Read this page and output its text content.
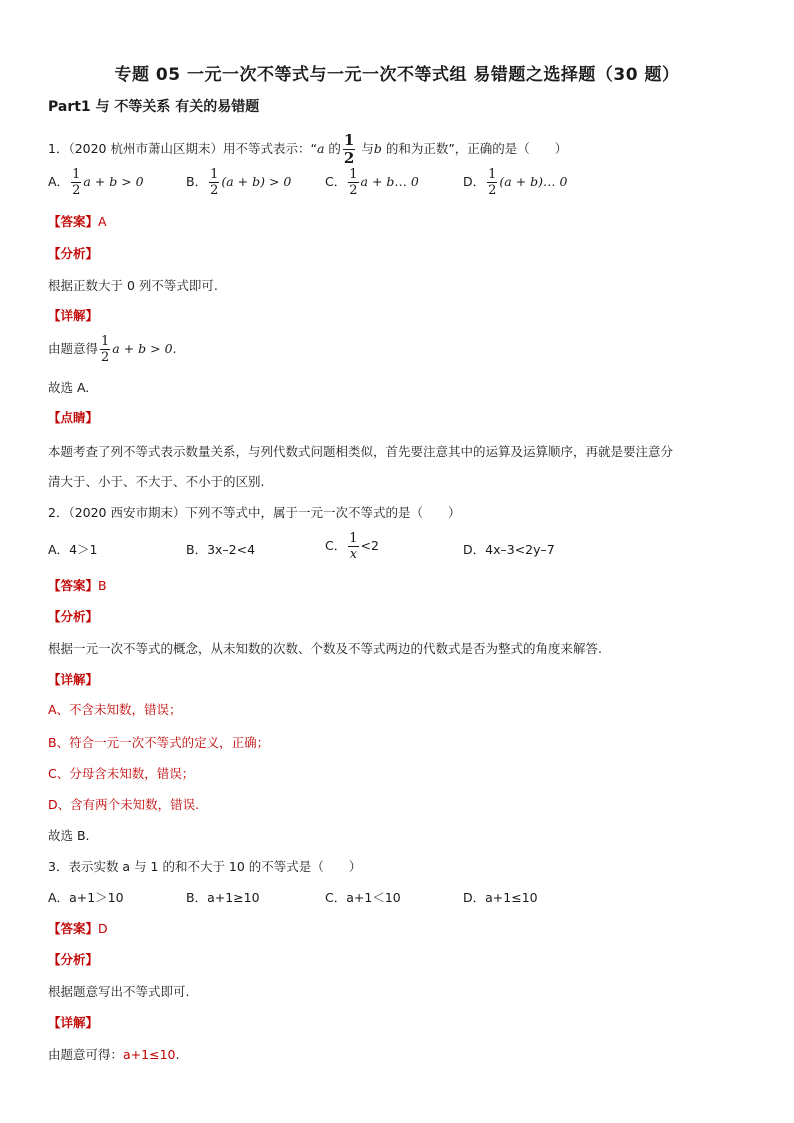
专题 05 一元一次不等式与一元一次不等式组 易错题之选择题（30 题）
Part1 与 不等关系 有关的易错题
1．（2020 杭州市萧山区期末）用不等式表示：“a 的 $\frac{1}{2}$ 与b 的和为正数”，正确的是（　　）
A． $\frac{1}{2}$ a + b > 0	B． $\frac{1}{2} (a + b) > 0$	C． $\frac{1}{2}$ a + b… 0	D． $\frac{1}{2} (a$ + b)… 0
【答案】A
【分析】
根据正数大于 0 列不等式即可.
【详解】
由题意得 $\frac{1}{2}$ a + b > 0.
故选 A.
【点睛】
本题考查了列不等式表示数量关系，与列代数式问题相类似，首先要注意其中的运算及运算顺序，再就是要注意分
清大于、小于、不大于、不小于的区别.
2．（2020 西安市期末）下列不等式中，属于一元一次不等式的是（　　）
A．4＞1	B．3x–2<4	C． $\frac{1}{x} <2$	D．4x–3<2y–7
【答案】B
【分析】
根据一元一次不等式的概念，从未知数的次数、个数及不等式两边的代数式是否为整式的角度来解答.
【详解】
A、不含未知数，错误；
B、符合一元一次不等式的定义，正确；
C、分母含未知数，错误；
D、含有两个未知数，错误.
故选 B.
3．表示实数 a 与 1 的和不大于 10 的不等式是（　　）
A．a+1＞10	B．a+1≥10	C．a+1＜10	D．a+1≤10
【答案】D
【分析】
根据题意写出不等式即可.
【详解】
由题意可得：a+1≤10.
